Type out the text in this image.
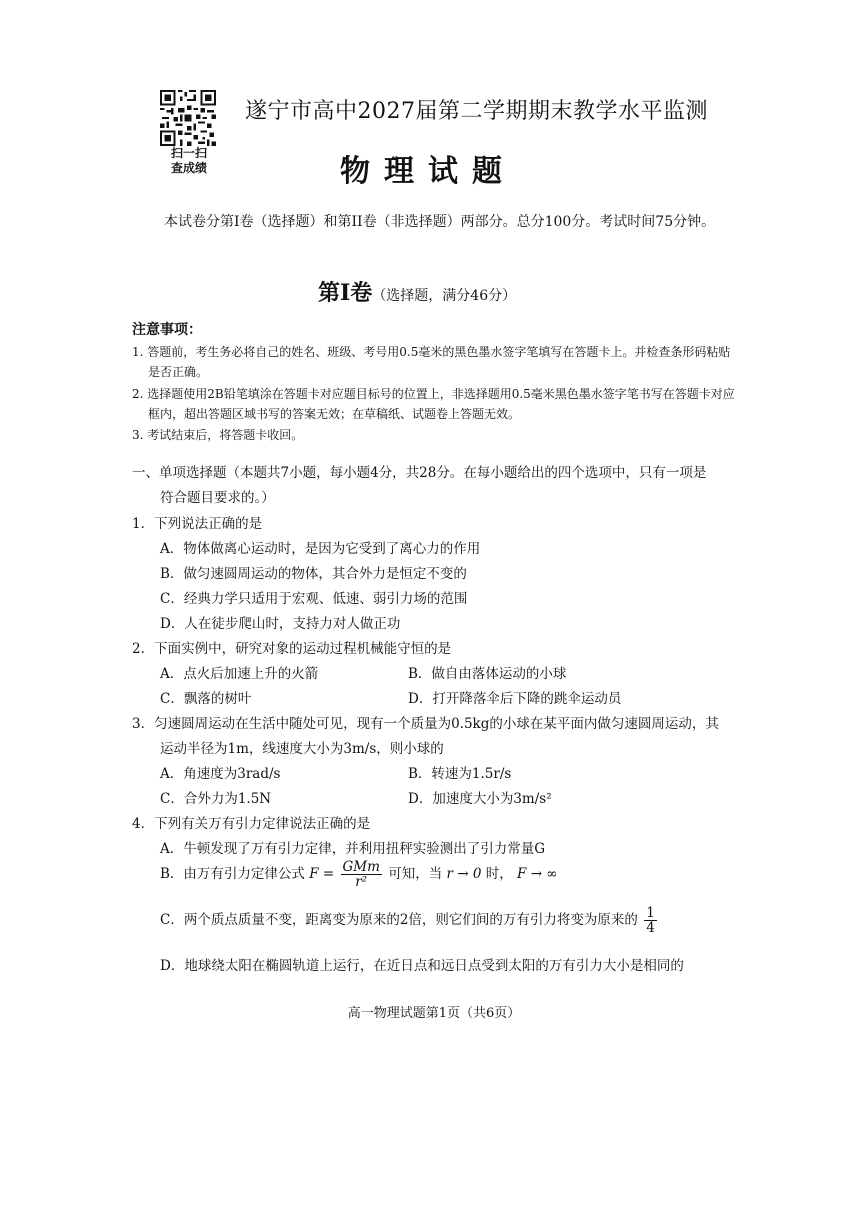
扫一扫
查成绩
遂宁市高中2027届第二学期期末教学水平监测
物理试题
本试卷分第I卷（选择题）和第II卷（非选择题）两部分。总分100分。考试时间75分钟。
第I卷（选择题，满分46分）
注意事项：
1. 答题前，考生务必将自己的姓名、班级、考号用0.5毫米的黑色墨水签字笔填写在答题卡上。并检查条形码粘贴
是否正确。
2. 选择题使用2B铅笔填涂在答题卡对应题目标号的位置上，非选择题用0.5毫米黑色墨水签字笔书写在答题卡对应
框内，超出答题区域书写的答案无效；在草稿纸、试题卷上答题无效。
3. 考试结束后，将答题卡收回。
一、单项选择题（本题共7小题，每小题4分，共28分。在每小题给出的四个选项中，只有一项是
符合题目要求的。）
1．下列说法正确的是
A．物体做离心运动时，是因为它受到了离心力的作用
B．做匀速圆周运动的物体，其合外力是恒定不变的
C．经典力学只适用于宏观、低速、弱引力场的范围
D．人在徒步爬山时，支持力对人做正功
2．下面实例中，研究对象的运动过程机械能守恒的是
A．点火后加速上升的火箭	B．做自由落体运动的小球
C．飘落的树叶	D．打开降落伞后下降的跳伞运动员
3．匀速圆周运动在生活中随处可见，现有一个质量为0.5kg的小球在某平面内做匀速圆周运动，其
运动半径为1m，线速度大小为3m/s，则小球的
A．角速度为3rad/s	B．转速为1.5r/s
C．合外力为1.5N	D．加速度大小为3m/s²
4．下列有关万有引力定律说法正确的是
A．牛顿发现了万有引力定律，并利用扭秤实验测出了引力常量G
B．由万有引力定律公式 $F = \frac{\text{GMm}}{\text{r²}}$ 可知，当 r → 0 时， F → ∞
C．两个质点质量不变，距离变为原来的2倍，则它们间的万有引力将变为原来的 $\frac{1}{4}$
D．地球绕太阳在椭圆轨道上运行，在近日点和远日点受到太阳的万有引力大小是相同的
高一物理试题第1页（共6页）
